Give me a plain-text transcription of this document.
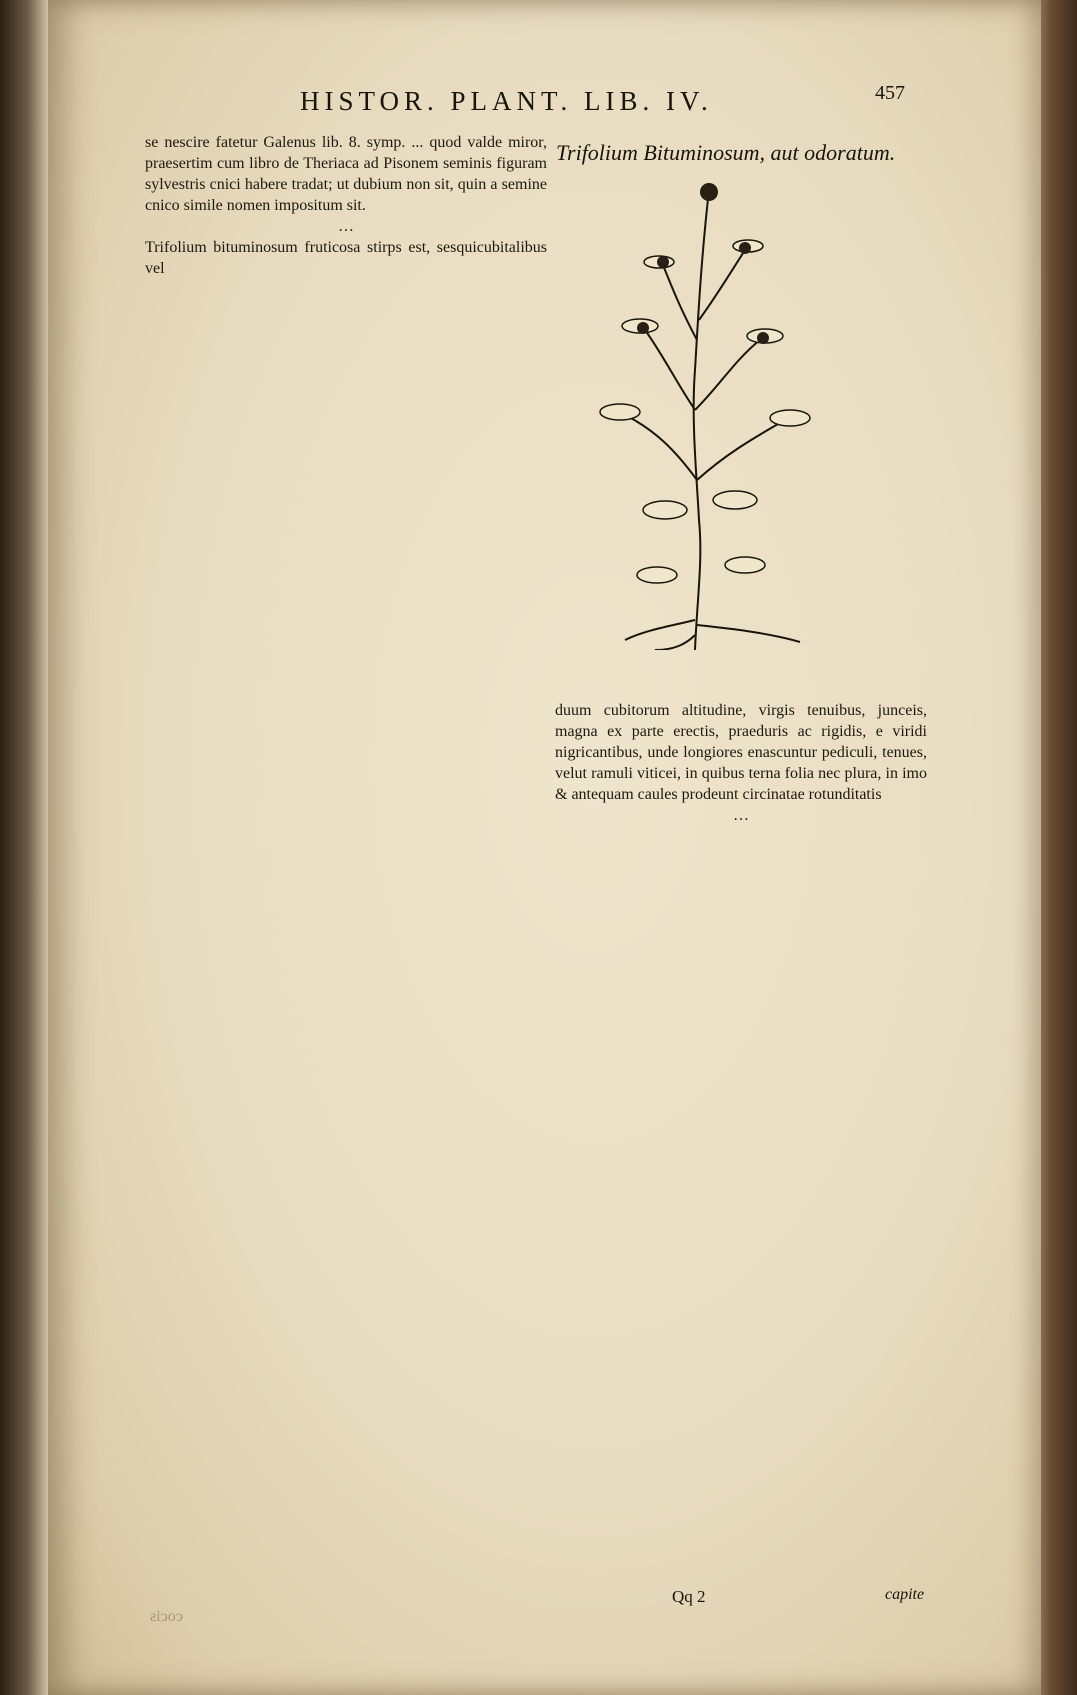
HISTOR. PLANT. LIB. IV.	457

se nescire fatetur Galenus lib. 8. symp. ... quod valde miror, praesertim cum libro de Theriaca ad Pisonem seminis figuram sylvestris cnici habere tradat; ut dubium non sit, quin a semine cnico simile nomen impositum sit.

…

Trifolium bituminosum fruticosa stirps est, sesquicubitalibus vel

Trifolium Bituminosum, aut odoratum.

duum cubitorum altitudine, virgis tenuibus, junceis, magna ex parte erectis, praeduris ac rigidis, e viridi nigricantibus, unde longiores enascuntur pediculi, tenues, velut ramuli viticei, in quibus terna folia nec plura, in imo & antequam caules prodeunt circinatae rotunditatis

…
Qq 2	capite
cocis
